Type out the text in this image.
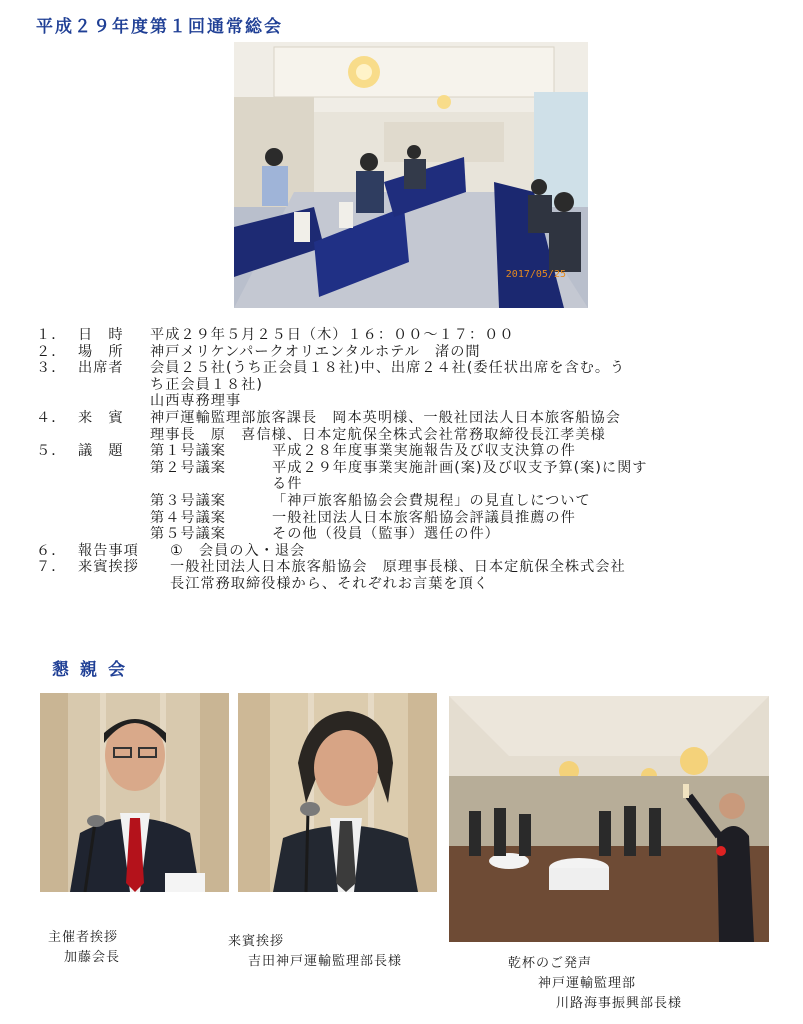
平成２９年度第１回通常総会
2017/05/25
１． 日　時	平成２９年５月２５日（木）１６：００～１７：００
２． 場　所	神戸メリケンパークオリエンタルホテル　渚の間
３． 出席者	会員２５社(うち正会員１８社)中、出席２４社(委任状出席を含む。う
ち正会員１８社)
山西専務理事
４． 来　賓	神戸運輸監理部旅客課長　岡本英明様、一般社団法人日本旅客船協会
理事長　原　喜信様、日本定航保全株式会社常務取締役長江孝美様
５． 議　題	第１号議案	平成２８年度事業実施報告及び収支決算の件
第２号議案	平成２９年度事業実施計画(案)及び収支予算(案)に関す
る件
第３号議案	「神戸旅客船協会会費規程」の見直しについて
第４号議案	一般社団法人日本旅客船協会評議員推薦の件
第５号議案	その他（役員（監事）選任の件）
６． 報告事項	①　会員の入・退会
７． 来賓挨拶	一般社団法人日本旅客船協会　原理事長様、日本定航保全株式会社
長江常務取締役様から、それぞれお言葉を頂く
懇親会
主催者挨拶
加藤会長
来賓挨拶
吉田神戸運輸監理部長様	乾杯のご発声
神戸運輸監理部
川路海事振興部長様
